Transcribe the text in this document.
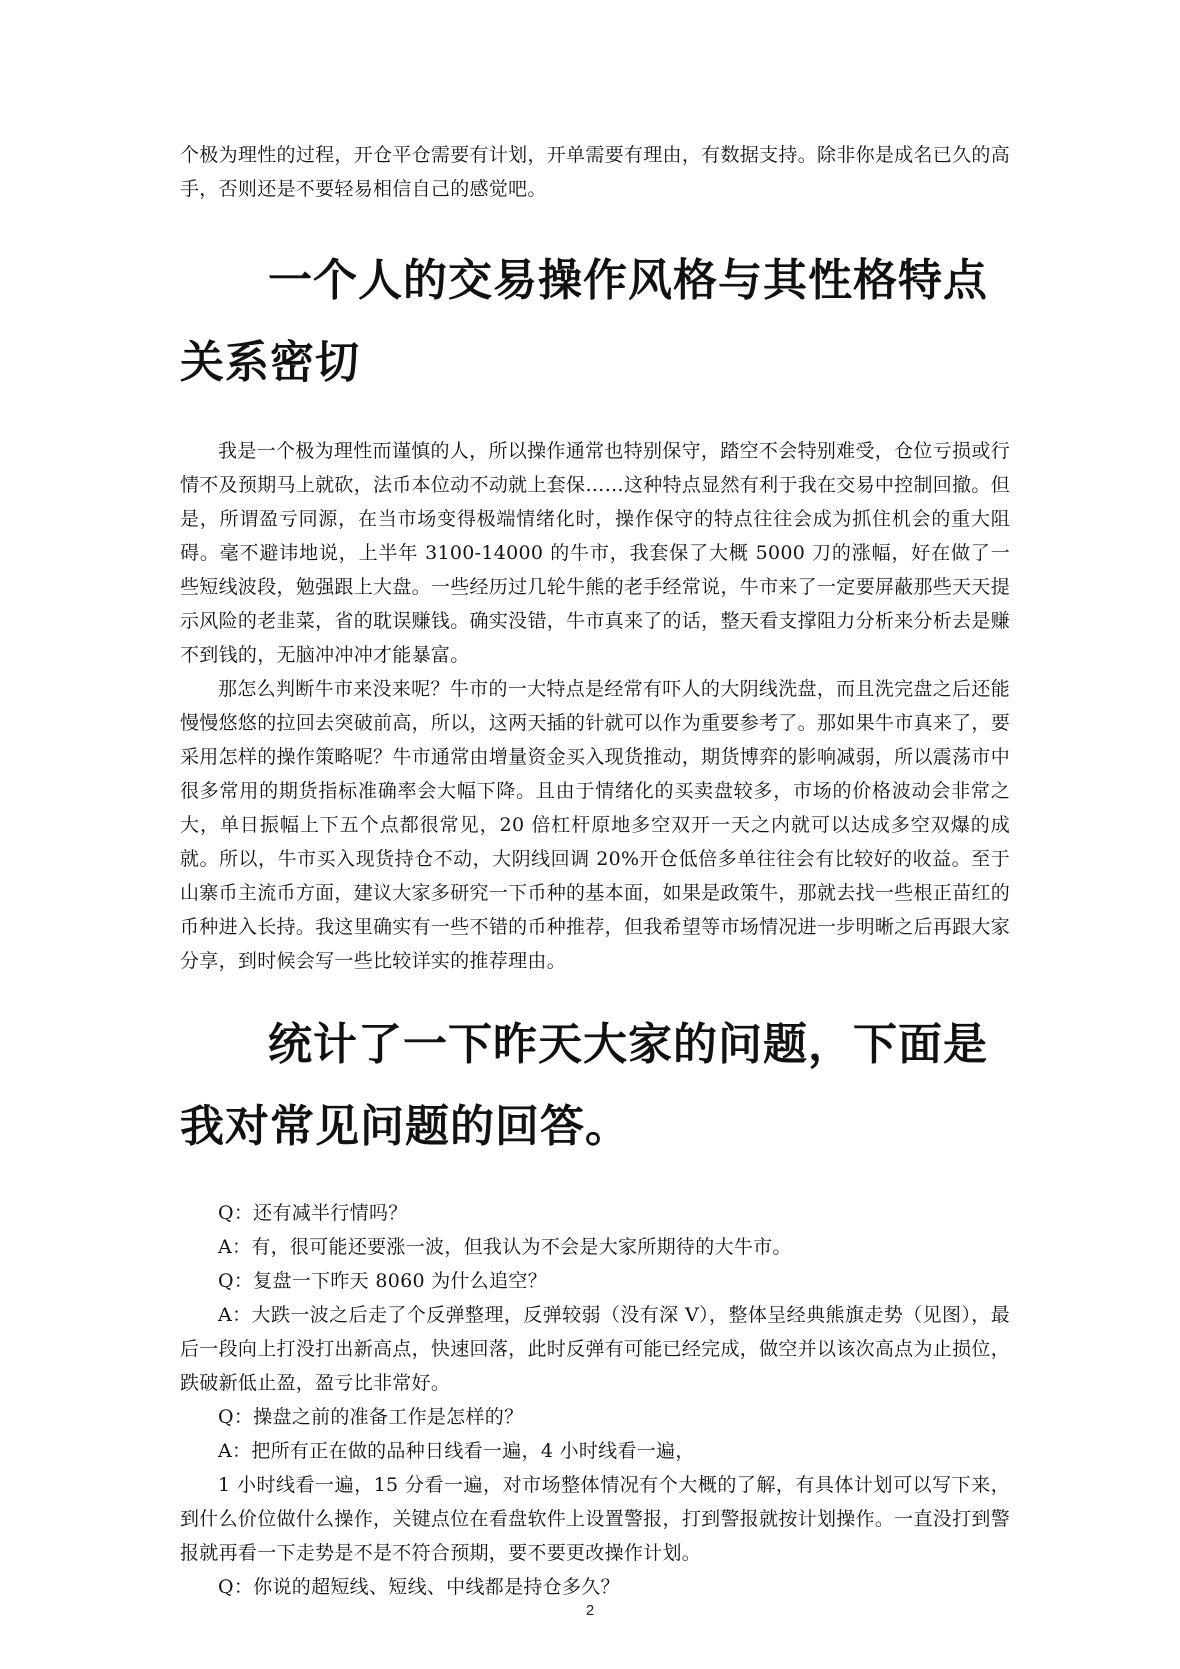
个极为理性的过程，开仓平仓需要有计划，开单需要有理由，有数据支持。除非你是成名已久的高手，否则还是不要轻易相信自己的感觉吧。

一个人的交易操作风格与其性格特点关系密切

我是一个极为理性而谨慎的人，所以操作通常也特别保守，踏空不会特别难受，仓位亏损或行情不及预期马上就砍，法币本位动不动就上套保……这种特点显然有利于我在交易中控制回撤。但是，所谓盈亏同源，在当市场变得极端情绪化时，操作保守的特点往往会成为抓住机会的重大阻碍。毫不避讳地说，上半年 3100-14000 的牛市，我套保了大概 5000 刀的涨幅，好在做了一些短线波段，勉强跟上大盘。一些经历过几轮牛熊的老手经常说，牛市来了一定要屏蔽那些天天提示风险的老韭菜，省的耽误赚钱。确实没错，牛市真来了的话，整天看支撑阻力分析来分析去是赚不到钱的，无脑冲冲冲才能暴富。

那怎么判断牛市来没来呢？牛市的一大特点是经常有吓人的大阴线洗盘，而且洗完盘之后还能慢慢悠悠的拉回去突破前高，所以，这两天插的针就可以作为重要参考了。那如果牛市真来了，要采用怎样的操作策略呢？牛市通常由增量资金买入现货推动，期货博弈的影响减弱，所以震荡市中很多常用的期货指标准确率会大幅下降。且由于情绪化的买卖盘较多，市场的价格波动会非常之大，单日振幅上下五个点都很常见，20 倍杠杆原地多空双开一天之内就可以达成多空双爆的成就。所以，牛市买入现货持仓不动，大阴线回调 20%开仓低倍多单往往会有比较好的收益。至于山寨币主流币方面，建议大家多研究一下币种的基本面，如果是政策牛，那就去找一些根正苗红的币种进入长持。我这里确实有一些不错的币种推荐，但我希望等市场情况进一步明晰之后再跟大家分享，到时候会写一些比较详实的推荐理由。

统计了一下昨天大家的问题，下面是我对常见问题的回答。

Q：还有减半行情吗？

A：有，很可能还要涨一波，但我认为不会是大家所期待的大牛市。

Q：复盘一下昨天 8060 为什么追空？

A：大跌一波之后走了个反弹整理，反弹较弱（没有深 V），整体呈经典熊旗走势（见图），最后一段向上打没打出新高点，快速回落，此时反弹有可能已经完成，做空并以该次高点为止损位，跌破新低止盈，盈亏比非常好。

Q：操盘之前的准备工作是怎样的？

A：把所有正在做的品种日线看一遍，4 小时线看一遍，

1 小时线看一遍，15 分看一遍，对市场整体情况有个大概的了解，有具体计划可以写下来，到什么价位做什么操作，关键点位在看盘软件上设置警报，打到警报就按计划操作。一直没打到警报就再看一下走势是不是不符合预期，要不要更改操作计划。

Q：你说的超短线、短线、中线都是持仓多久？

2
